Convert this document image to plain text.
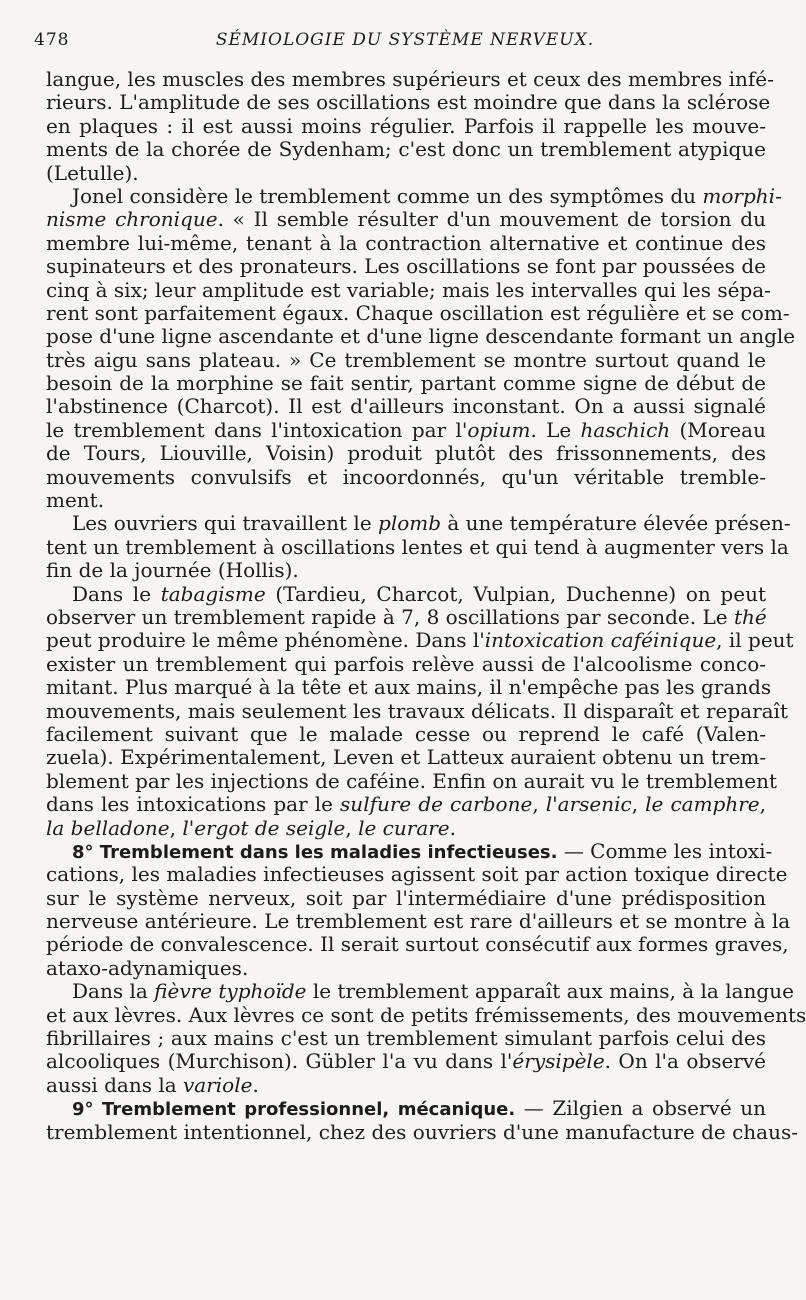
478	SÉMIOLOGIE DU SYSTÈME NERVEUX.
langue, les muscles des membres supérieurs et ceux des membres infé-
rieurs. L'amplitude de ses oscillations est moindre que dans la sclérose
en plaques : il est aussi moins régulier. Parfois il rappelle les mouve-
ments de la chorée de Sydenham; c'est donc un tremblement atypique
(Letulle).
Jonel considère le tremblement comme un des symptômes du morphi-
nisme chronique. « Il semble résulter d'un mouvement de torsion du
membre lui-même, tenant à la contraction alternative et continue des
supinateurs et des pronateurs. Les oscillations se font par poussées de
cinq à six; leur amplitude est variable; mais les intervalles qui les sépa-
rent sont parfaitement égaux. Chaque oscillation est régulière et se com-
pose d'une ligne ascendante et d'une ligne descendante formant un angle
très aigu sans plateau. » Ce tremblement se montre surtout quand le
besoin de la morphine se fait sentir, partant comme signe de début de
l'abstinence (Charcot). Il est d'ailleurs inconstant. On a aussi signalé
le tremblement dans l'intoxication par l'opium. Le haschich (Moreau
de Tours, Liouville, Voisin) produit plutôt des frissonnements, des
mouvements convulsifs et incoordonnés, qu'un véritable tremble-
ment.
Les ouvriers qui travaillent le plomb à une température élevée présen-
tent un tremblement à oscillations lentes et qui tend à augmenter vers la
fin de la journée (Hollis).
Dans le tabagisme (Tardieu, Charcot, Vulpian, Duchenne) on peut
observer un tremblement rapide à 7, 8 oscillations par seconde. Le thé
peut produire le même phénomène. Dans l'intoxication caféinique, il peut
exister un tremblement qui parfois relève aussi de l'alcoolisme conco-
mitant. Plus marqué à la tête et aux mains, il n'empêche pas les grands
mouvements, mais seulement les travaux délicats. Il disparaît et reparaît
facilement suivant que le malade cesse ou reprend le café (Valen-
zuela). Expérimentalement, Leven et Latteux auraient obtenu un trem-
blement par les injections de caféine. Enfin on aurait vu le tremblement
dans les intoxications par le sulfure de carbone, l'arsenic, le camphre,
la belladone, l'ergot de seigle, le curare.
8° Tremblement dans les maladies infectieuses. — Comme les intoxi-
cations, les maladies infectieuses agissent soit par action toxique directe
sur le système nerveux, soit par l'intermédiaire d'une prédisposition
nerveuse antérieure. Le tremblement est rare d'ailleurs et se montre à la
période de convalescence. Il serait surtout consécutif aux formes graves,
ataxo-adynamiques.
Dans la fièvre typhoïde le tremblement apparaît aux mains, à la langue
et aux lèvres. Aux lèvres ce sont de petits frémissements, des mouvements
fibrillaires ; aux mains c'est un tremblement simulant parfois celui des
alcooliques (Murchison). Gübler l'a vu dans l'érysipèle. On l'a observé
aussi dans la variole.
9° Tremblement professionnel, mécanique. — Zilgien a observé un
tremblement intentionnel, chez des ouvriers d'une manufacture de chaus-
